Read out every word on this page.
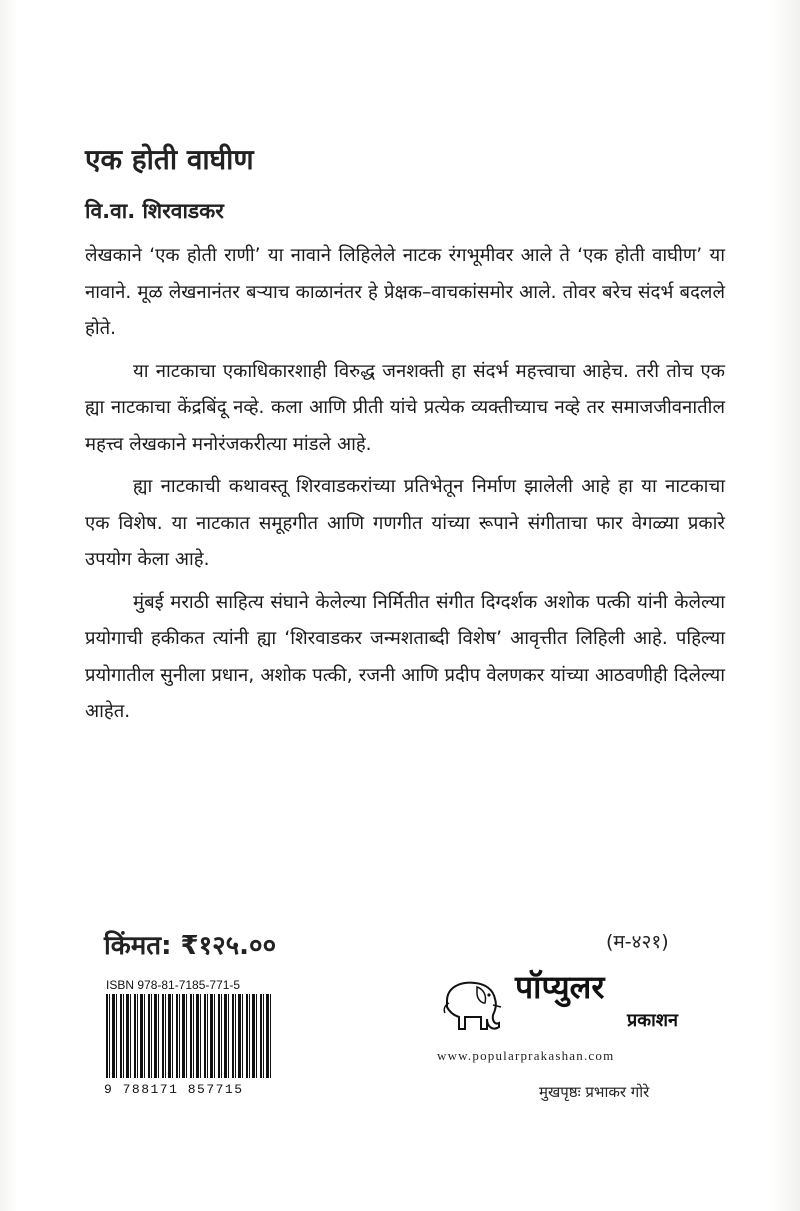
एक होती वाघीण
वि.वा. शिरवाडकर

लेखकाने ‘एक होती राणी’ या नावाने लिहिलेले नाटक रंगभूमीवर आले ते ‘एक होती वाघीण’ या नावाने. मूळ लेखनानंतर बऱ्याच काळानंतर हे प्रेक्षक–वाचकांसमोर आले. तोवर बरेच संदर्भ बदलले होते.

या नाटकाचा एकाधिकारशाही विरुद्ध जनशक्ती हा संदर्भ महत्त्वाचा आहेच. तरी तोच एक ह्या नाटकाचा केंद्रबिंदू नव्हे. कला आणि प्रीती यांचे प्रत्येक व्यक्तीच्याच नव्हे तर समाजजीवनातील महत्त्व लेखकाने मनोरंजकरीत्या मांडले आहे.

ह्या नाटकाची कथावस्तू शिरवाडकरांच्या प्रतिभेतून निर्माण झालेली आहे हा या नाटकाचा एक विशेष. या नाटकात समूहगीत आणि गणगीत यांच्या रूपाने संगीताचा फार वेगळ्या प्रकारे उपयोग केला आहे.

मुंबई मराठी साहित्य संघाने केलेल्या निर्मितीत संगीत दिग्दर्शक अशोक पत्की यांनी केलेल्या प्रयोगाची हकीकत त्यांनी ह्या ‘शिरवाडकर जन्मशताब्दी विशेष’ आवृत्तीत लिहिली आहे. पहिल्या प्रयोगातील सुनीला प्रधान, अशोक पत्की, रजनी आणि प्रदीप वेलणकर यांच्या आठवणीही दिलेल्या आहेत.

किंमत: ₹१२५.००	(म-४२१)
ISBN 978-81-7185-771-5
9 788171 857715
पॉप्युलर
प्रकाशन
www.popularprakashan.com
मुखपृष्ठः प्रभाकर गोरे
